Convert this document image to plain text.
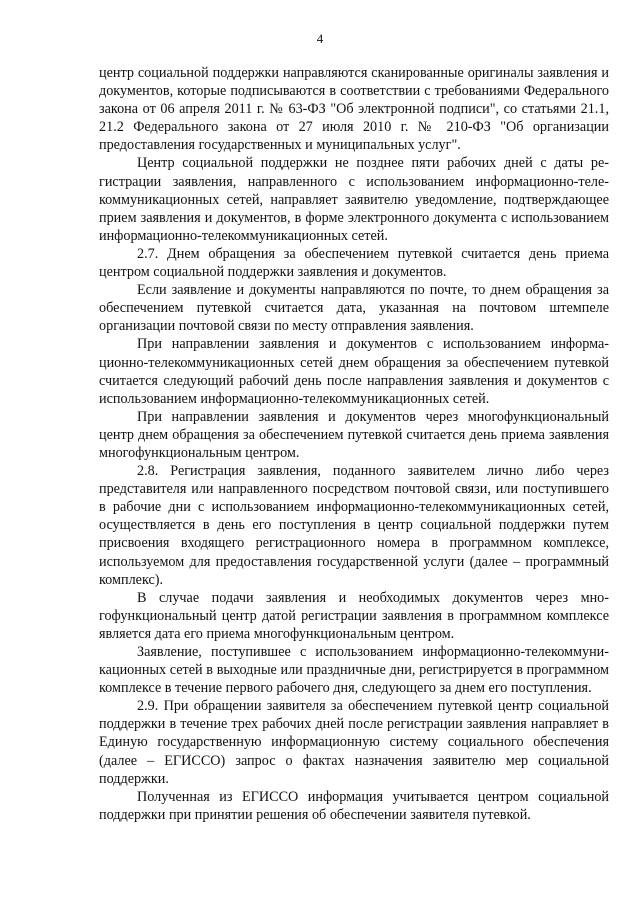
4

центр социальной поддержки направляются сканированные оригиналы заявления и документов, которые подписываются в соответствии с требованиями Федерального закона от 06 апреля 2011 г. № 63-ФЗ "Об электронной подписи", со статьями 21.1, 21.2 Федерального закона от 27 июля 2010 г. № 210-ФЗ "Об организации предоставления государственных и муниципальных услуг".

Центр социальной поддержки не позднее пяти рабочих дней с даты регистрации заявления, направленного с использованием информационно-телекоммуникационных сетей, направляет заявителю уведомление, подтверждающее прием заявления и документов, в форме электронного документа с использованием информационно-телекоммуникационных сетей.

2.7. Днем обращения за обеспечением путевкой считается день приема центром социальной поддержки заявления и документов.

Если заявление и документы направляются по почте, то днем обращения за обеспечением путевкой считается дата, указанная на почтовом штемпеле организации почтовой связи по месту отправления заявления.

При направлении заявления и документов с использованием информационно-телекоммуникационных сетей днем обращения за обеспечением путевкой считается следующий рабочий день после направления заявления и документов с использованием информационно-телекоммуникационных сетей.

При направлении заявления и документов через многофункциональный центр днем обращения за обеспечением путевкой считается день приема заявления многофункциональным центром.

2.8. Регистрация заявления, поданного заявителем лично либо через представителя или направленного посредством почтовой связи, или поступившего в рабочие дни с использованием информационно-телекоммуникационных сетей, осуществляется в день его поступления в центр социальной поддержки путем присвоения входящего регистрационного номера в программном комплексе, используемом для предоставления государственной услуги (далее – программный комплекс).

В случае подачи заявления и необходимых документов через многофункциональный центр датой регистрации заявления в программном комплексе является дата его приема многофункциональным центром.

Заявление, поступившее с использованием информационно-телекоммуникационных сетей в выходные или праздничные дни, регистрируется в программном комплексе в течение первого рабочего дня, следующего за днем его поступления.

2.9. При обращении заявителя за обеспечением путевкой центр социальной поддержки в течение трех рабочих дней после регистрации заявления направляет в Единую государственную информационную систему социального обеспечения (далее – ЕГИССО) запрос о фактах назначения заявителю мер социальной поддержки.

Полученная из ЕГИССО информация учитывается центром социальной поддержки при принятии решения об обеспечении заявителя путевкой.
